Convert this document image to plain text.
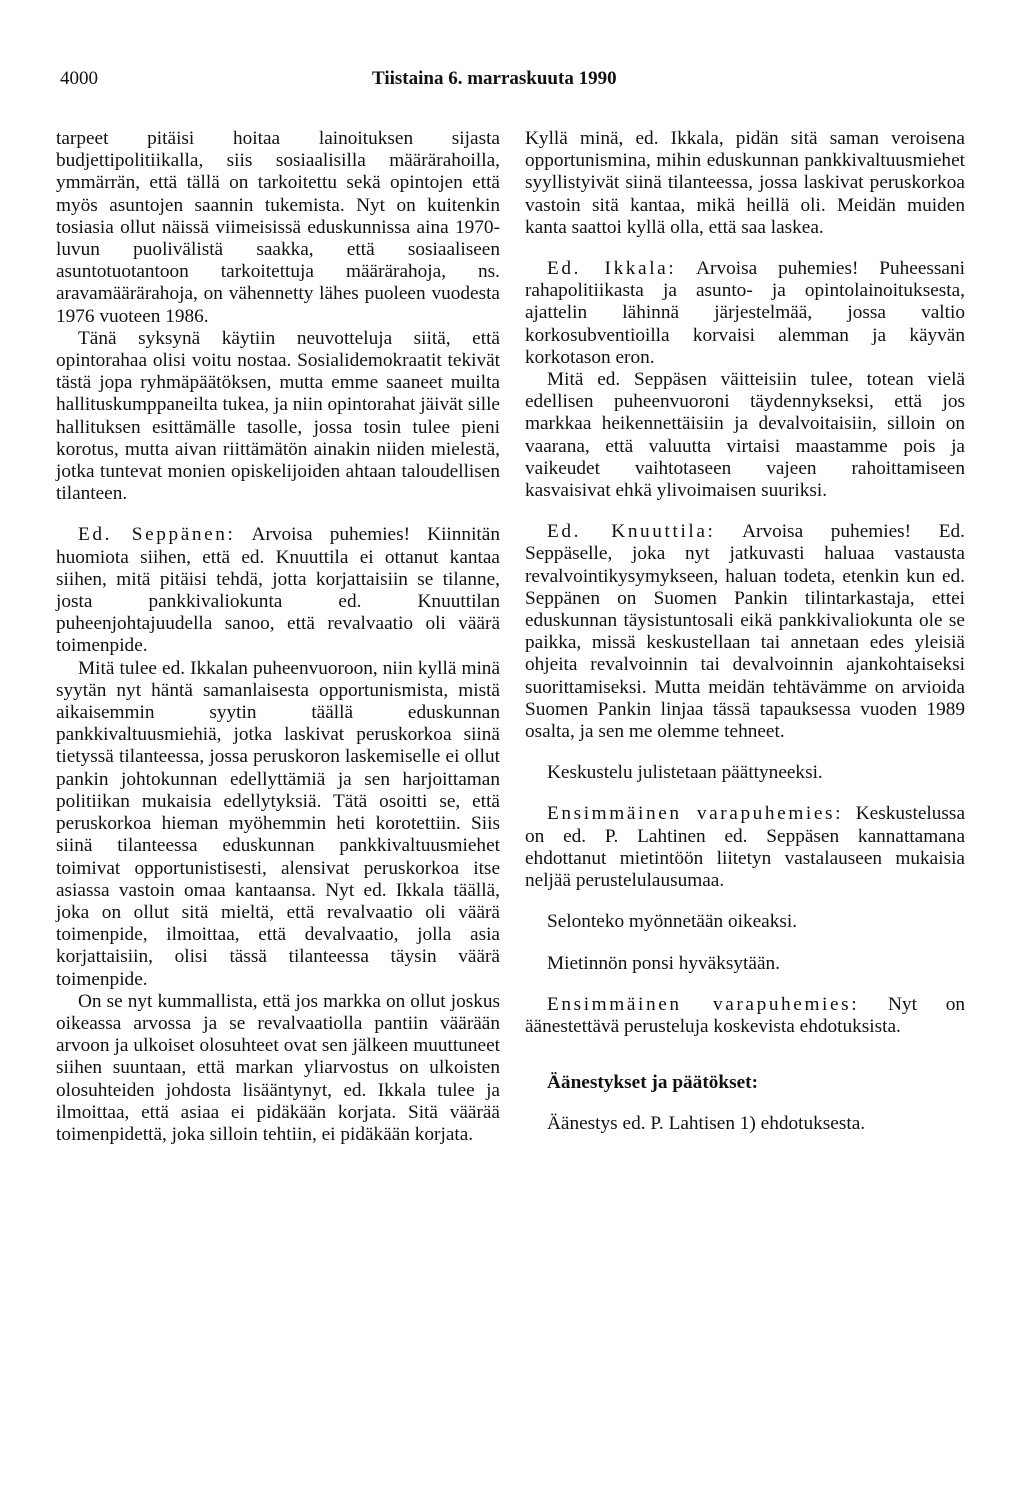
4000	Tiistaina 6. marraskuuta 1990

tarpeet pitäisi hoitaa lainoituksen sijasta budjettipolitiikalla, siis sosiaalisilla määrärahoilla, ymmärrän, että tällä on tarkoitettu sekä opintojen että myös asuntojen saannin tukemista. Nyt on kuitenkin tosiasia ollut näissä viimeisissä eduskunnissa aina 1970-luvun puolivälistä saakka, että sosiaaliseen asuntotuotantoon tarkoitettuja määrärahoja, ns. aravamäärärahoja, on vähennetty lähes puoleen vuodesta 1976 vuoteen 1986.

Tänä syksynä käytiin neuvotteluja siitä, että opintorahaa olisi voitu nostaa. Sosialidemokraatit tekivät tästä jopa ryhmäpäätöksen, mutta emme saaneet muilta hallituskumppaneilta tukea, ja niin opintorahat jäivät sille hallituksen esittämälle tasolle, jossa tosin tulee pieni korotus, mutta aivan riittämätön ainakin niiden mielestä, jotka tuntevat monien opiskelijoiden ahtaan taloudellisen tilanteen.

Ed. Seppänen: Arvoisa puhemies! Kiinnitän huomiota siihen, että ed. Knuuttila ei ottanut kantaa siihen, mitä pitäisi tehdä, jotta korjattaisiin se tilanne, josta pankkivaliokunta ed. Knuuttilan puheenjohtajuudella sanoo, että revalvaatio oli väärä toimenpide.

Mitä tulee ed. Ikkalan puheenvuoroon, niin kyllä minä syytän nyt häntä samanlaisesta opportunismista, mistä aikaisemmin syytin täällä eduskunnan pankkivaltuusmiehiä, jotka laskivat peruskorkoa siinä tietyssä tilanteessa, jossa peruskoron laskemiselle ei ollut pankin johtokunnan edellyttämiä ja sen harjoittaman politiikan mukaisia edellytyksiä. Tätä osoitti se, että peruskorkoa hieman myöhemmin heti korotettiin. Siis siinä tilanteessa eduskunnan pankkivaltuusmiehet toimivat opportunistisesti, alensivat peruskorkoa itse asiassa vastoin omaa kantaansa. Nyt ed. Ikkala täällä, joka on ollut sitä mieltä, että revalvaatio oli väärä toimenpide, ilmoittaa, että devalvaatio, jolla asia korjattaisiin, olisi tässä tilanteessa täysin väärä toimenpide.

On se nyt kummallista, että jos markka on ollut joskus oikeassa arvossa ja se revalvaatiolla pantiin väärään arvoon ja ulkoiset olosuhteet ovat sen jälkeen muuttuneet siihen suuntaan, että markan yliarvostus on ulkoisten olosuhteiden johdosta lisääntynyt, ed. Ikkala tulee ja ilmoittaa, että asiaa ei pidäkään korjata. Sitä väärää toimenpidettä, joka silloin tehtiin, ei pidäkään korjata.

Kyllä minä, ed. Ikkala, pidän sitä saman veroisena opportunismina, mihin eduskunnan pankkivaltuusmiehet syyllistyivät siinä tilanteessa, jossa laskivat peruskorkoa vastoin sitä kantaa, mikä heillä oli. Meidän muiden kanta saattoi kyllä olla, että saa laskea.

Ed. Ikkala: Arvoisa puhemies! Puheessani rahapolitiikasta ja asunto- ja opintolainoituksesta, ajattelin lähinnä järjestelmää, jossa valtio korkosubventioilla korvaisi alemman ja käyvän korkotason eron.

Mitä ed. Seppäsen väitteisiin tulee, totean vielä edellisen puheenvuoroni täydennykseksi, että jos markkaa heikennettäisiin ja devalvoitaisiin, silloin on vaarana, että valuutta virtaisi maastamme pois ja vaikeudet vaihtotaseen vajeen rahoittamiseen kasvaisivat ehkä ylivoimaisen suuriksi.

Ed. Knuuttila: Arvoisa puhemies! Ed. Seppäselle, joka nyt jatkuvasti haluaa vastausta revalvointikysymykseen, haluan todeta, etenkin kun ed. Seppänen on Suomen Pankin tilintarkastaja, ettei eduskunnan täysistuntosali eikä pankkivaliokunta ole se paikka, missä keskustellaan tai annetaan edes yleisiä ohjeita revalvoinnin tai devalvoinnin ajankohtaiseksi suorittamiseksi. Mutta meidän tehtävämme on arvioida Suomen Pankin linjaa tässä tapauksessa vuoden 1989 osalta, ja sen me olemme tehneet.

Keskustelu julistetaan päättyneeksi.

Ensimmäinen varapuhemies: Keskustelussa on ed. P. Lahtinen ed. Seppäsen kannattamana ehdottanut mietintöön liitetyn vastalauseen mukaisia neljää perustelulausumaa.

Selonteko myönnetään oikeaksi.

Mietinnön ponsi hyväksytään.

Ensimmäinen varapuhemies: Nyt on äänestettävä perusteluja koskevista ehdotuksista.

Äänestykset ja päätökset:

Äänestys ed. P. Lahtisen 1) ehdotuksesta.
